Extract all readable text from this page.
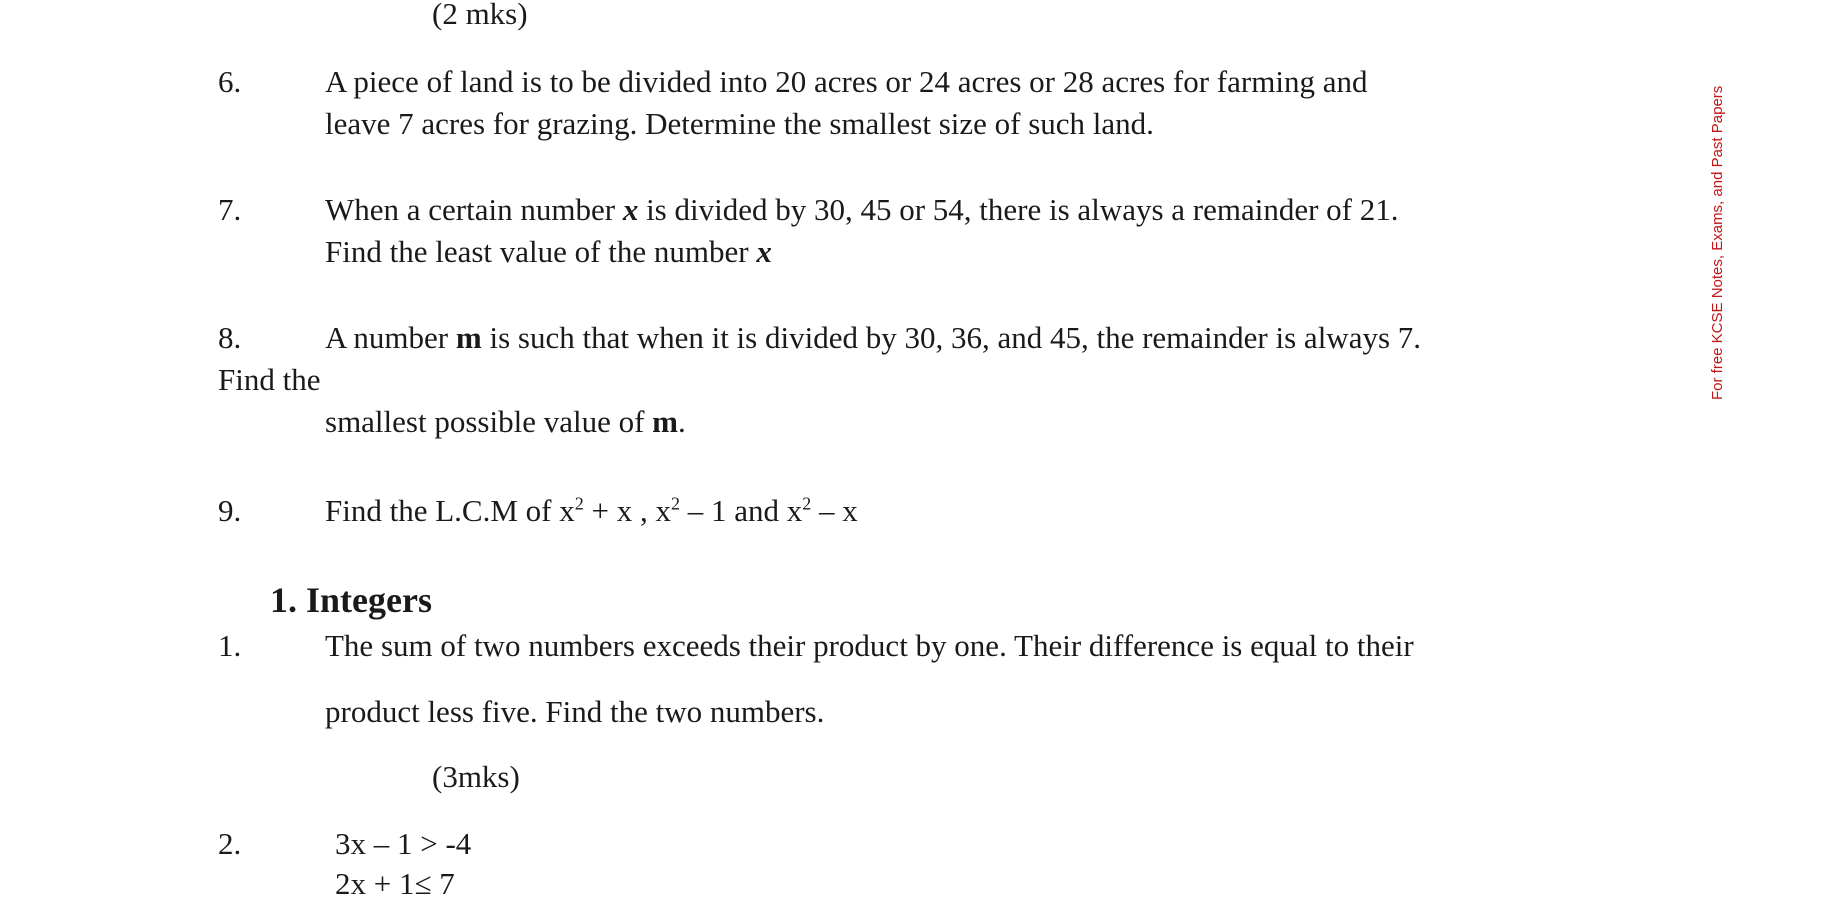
(2 mks)
6.	A piece of land is to be divided into 20 acres or 24 acres or 28 acres for farming and
leave 7 acres for grazing. Determine the smallest size of such land.
7.	When a certain number x is divided by 30, 45 or 54, there is always a remainder of 21.
Find the least value of the number x
8.	A number m is such that when it is divided by 30, 36, and 45, the remainder is always 7.
Find the
smallest possible value of m.
9.	Find the L.C.M of $x^2 + x$ , $x^2 - 1$ and $x^2$ – x
1. Integers
1.	The sum of two numbers exceeds their product by one. Their difference is equal to their
product less five. Find the two numbers.
(3mks)
2.	3x – 1 > -4
2x + 1≤ 7
For free KCSE Notes, Exams, and Past Papers
